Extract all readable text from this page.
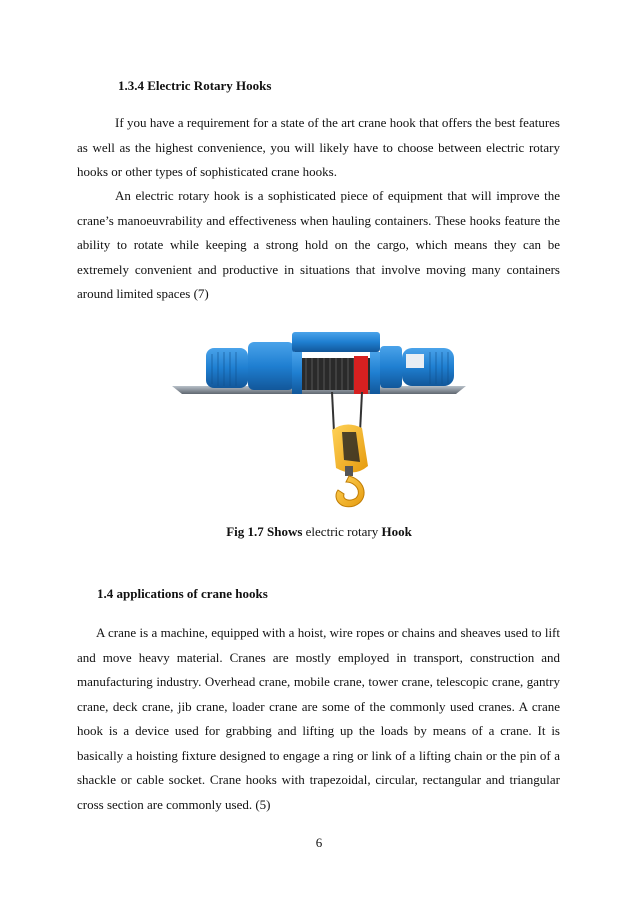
1.3.4 Electric Rotary Hooks

If you have a requirement for a state of the art crane hook that offers the best features as well as the highest convenience, you will likely have to choose between electric rotary hooks or other types of sophisticated crane hooks.

An electric rotary hook is a sophisticated piece of equipment that will improve the crane’s manoeuvrability and effectiveness when hauling containers. These hooks feature the ability to rotate while keeping a strong hold on the cargo, which means they can be extremely convenient and productive in situations that involve moving many containers around limited spaces (7)

Fig 1.7 Shows electric rotary Hook
1.4 applications of crane hooks

A crane is a machine, equipped with a hoist, wire ropes or chains and sheaves used to lift and move heavy material. Cranes are mostly employed in transport, construction and manufacturing industry. Overhead crane, mobile crane, tower crane, telescopic crane, gantry crane, deck crane, jib crane, loader crane are some of the commonly used cranes. A crane hook is a device used for grabbing and lifting up the loads by means of a crane. It is basically a hoisting fixture designed to engage a ring or link of a lifting chain or the pin of a shackle or cable socket. Crane hooks with trapezoidal, circular, rectangular and triangular cross section are commonly used. (5)

6
